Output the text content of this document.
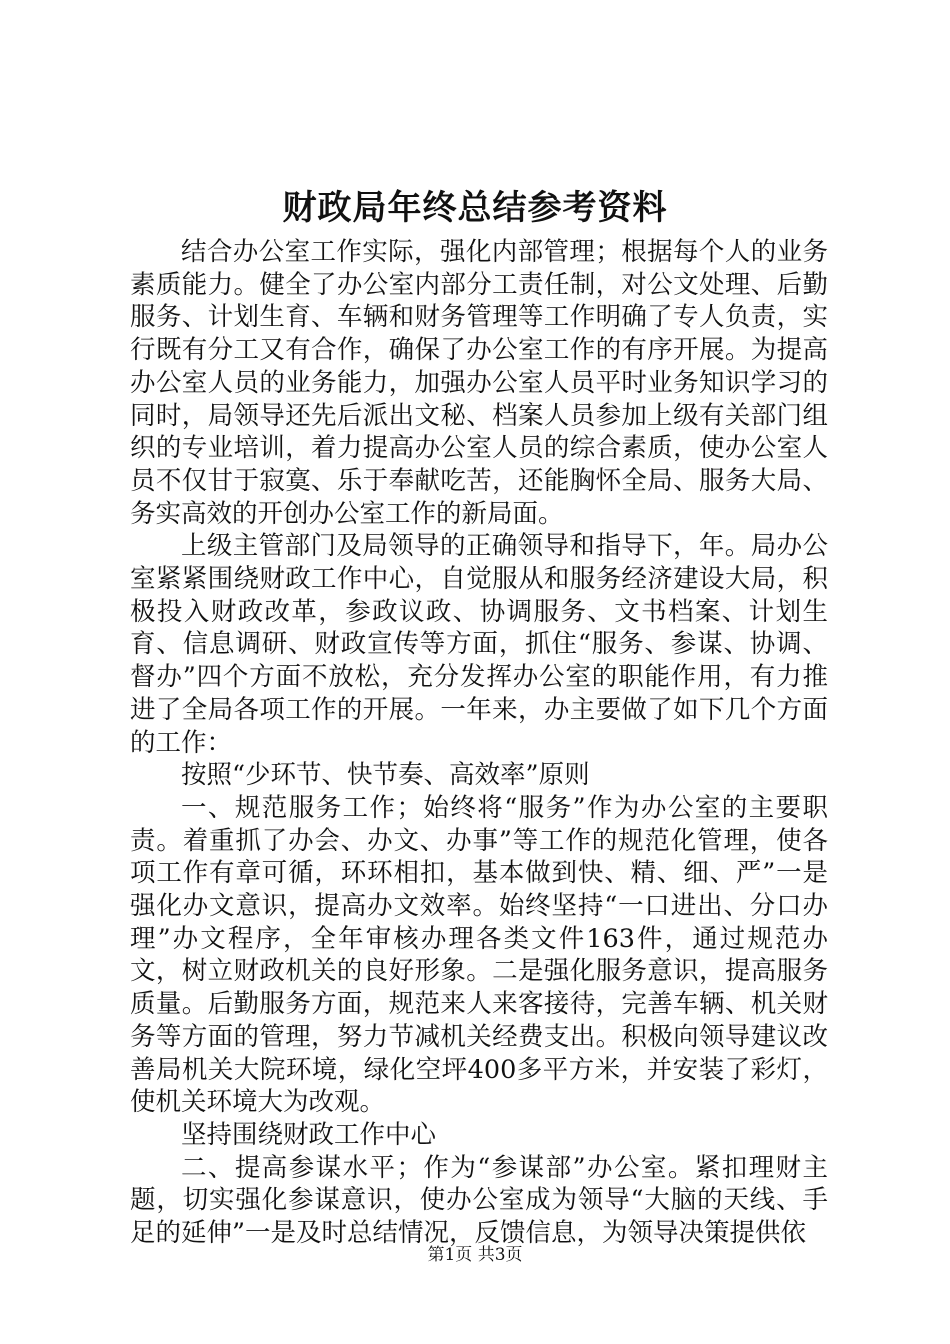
财政局年终总结参考资料

结合办公室工作实际，强化内部管理；根据每个人的业务素质能力。健全了办公室内部分工责任制，对公文处理、后勤服务、计划生育、车辆和财务管理等工作明确了专人负责，实行既有分工又有合作，确保了办公室工作的有序开展。为提高办公室人员的业务能力，加强办公室人员平时业务知识学习的同时，局领导还先后派出文秘、档案人员参加上级有关部门组织的专业培训，着力提高办公室人员的综合素质，使办公室人员不仅甘于寂寞、乐于奉献吃苦，还能胸怀全局、服务大局、务实高效的开创办公室工作的新局面。

上级主管部门及局领导的正确领导和指导下，年。局办公室紧紧围绕财政工作中心，自觉服从和服务经济建设大局，积极投入财政改革，参政议政、协调服务、文书档案、计划生育、信息调研、财政宣传等方面，抓住“服务、参谋、协调、督办”四个方面不放松，充分发挥办公室的职能作用，有力推进了全局各项工作的开展。一年来，办主要做了如下几个方面的工作：

按照“少环节、快节奏、高效率”原则

一、规范服务工作；始终将“服务”作为办公室的主要职责。着重抓了办会、办文、办事”等工作的规范化管理，使各项工作有章可循，环环相扣，基本做到快、精、细、严”一是强化办文意识，提高办文效率。始终坚持“一口进出、分口办理”办文程序，全年审核办理各类文件163件，通过规范办文，树立财政机关的良好形象。二是强化服务意识，提高服务质量。后勤服务方面，规范来人来客接待，完善车辆、机关财务等方面的管理，努力节减机关经费支出。积极向领导建议改善局机关大院环境，绿化空坪400多平方米，并安装了彩灯，使机关环境大为改观。

坚持围绕财政工作中心

二、提高参谋水平；作为“参谋部”办公室。紧扣理财主题，切实强化参谋意识，使办公室成为领导“大脑的天线、手足的延伸”一是及时总结情况，反馈信息，为领导决策提供依

第1页 共3页
